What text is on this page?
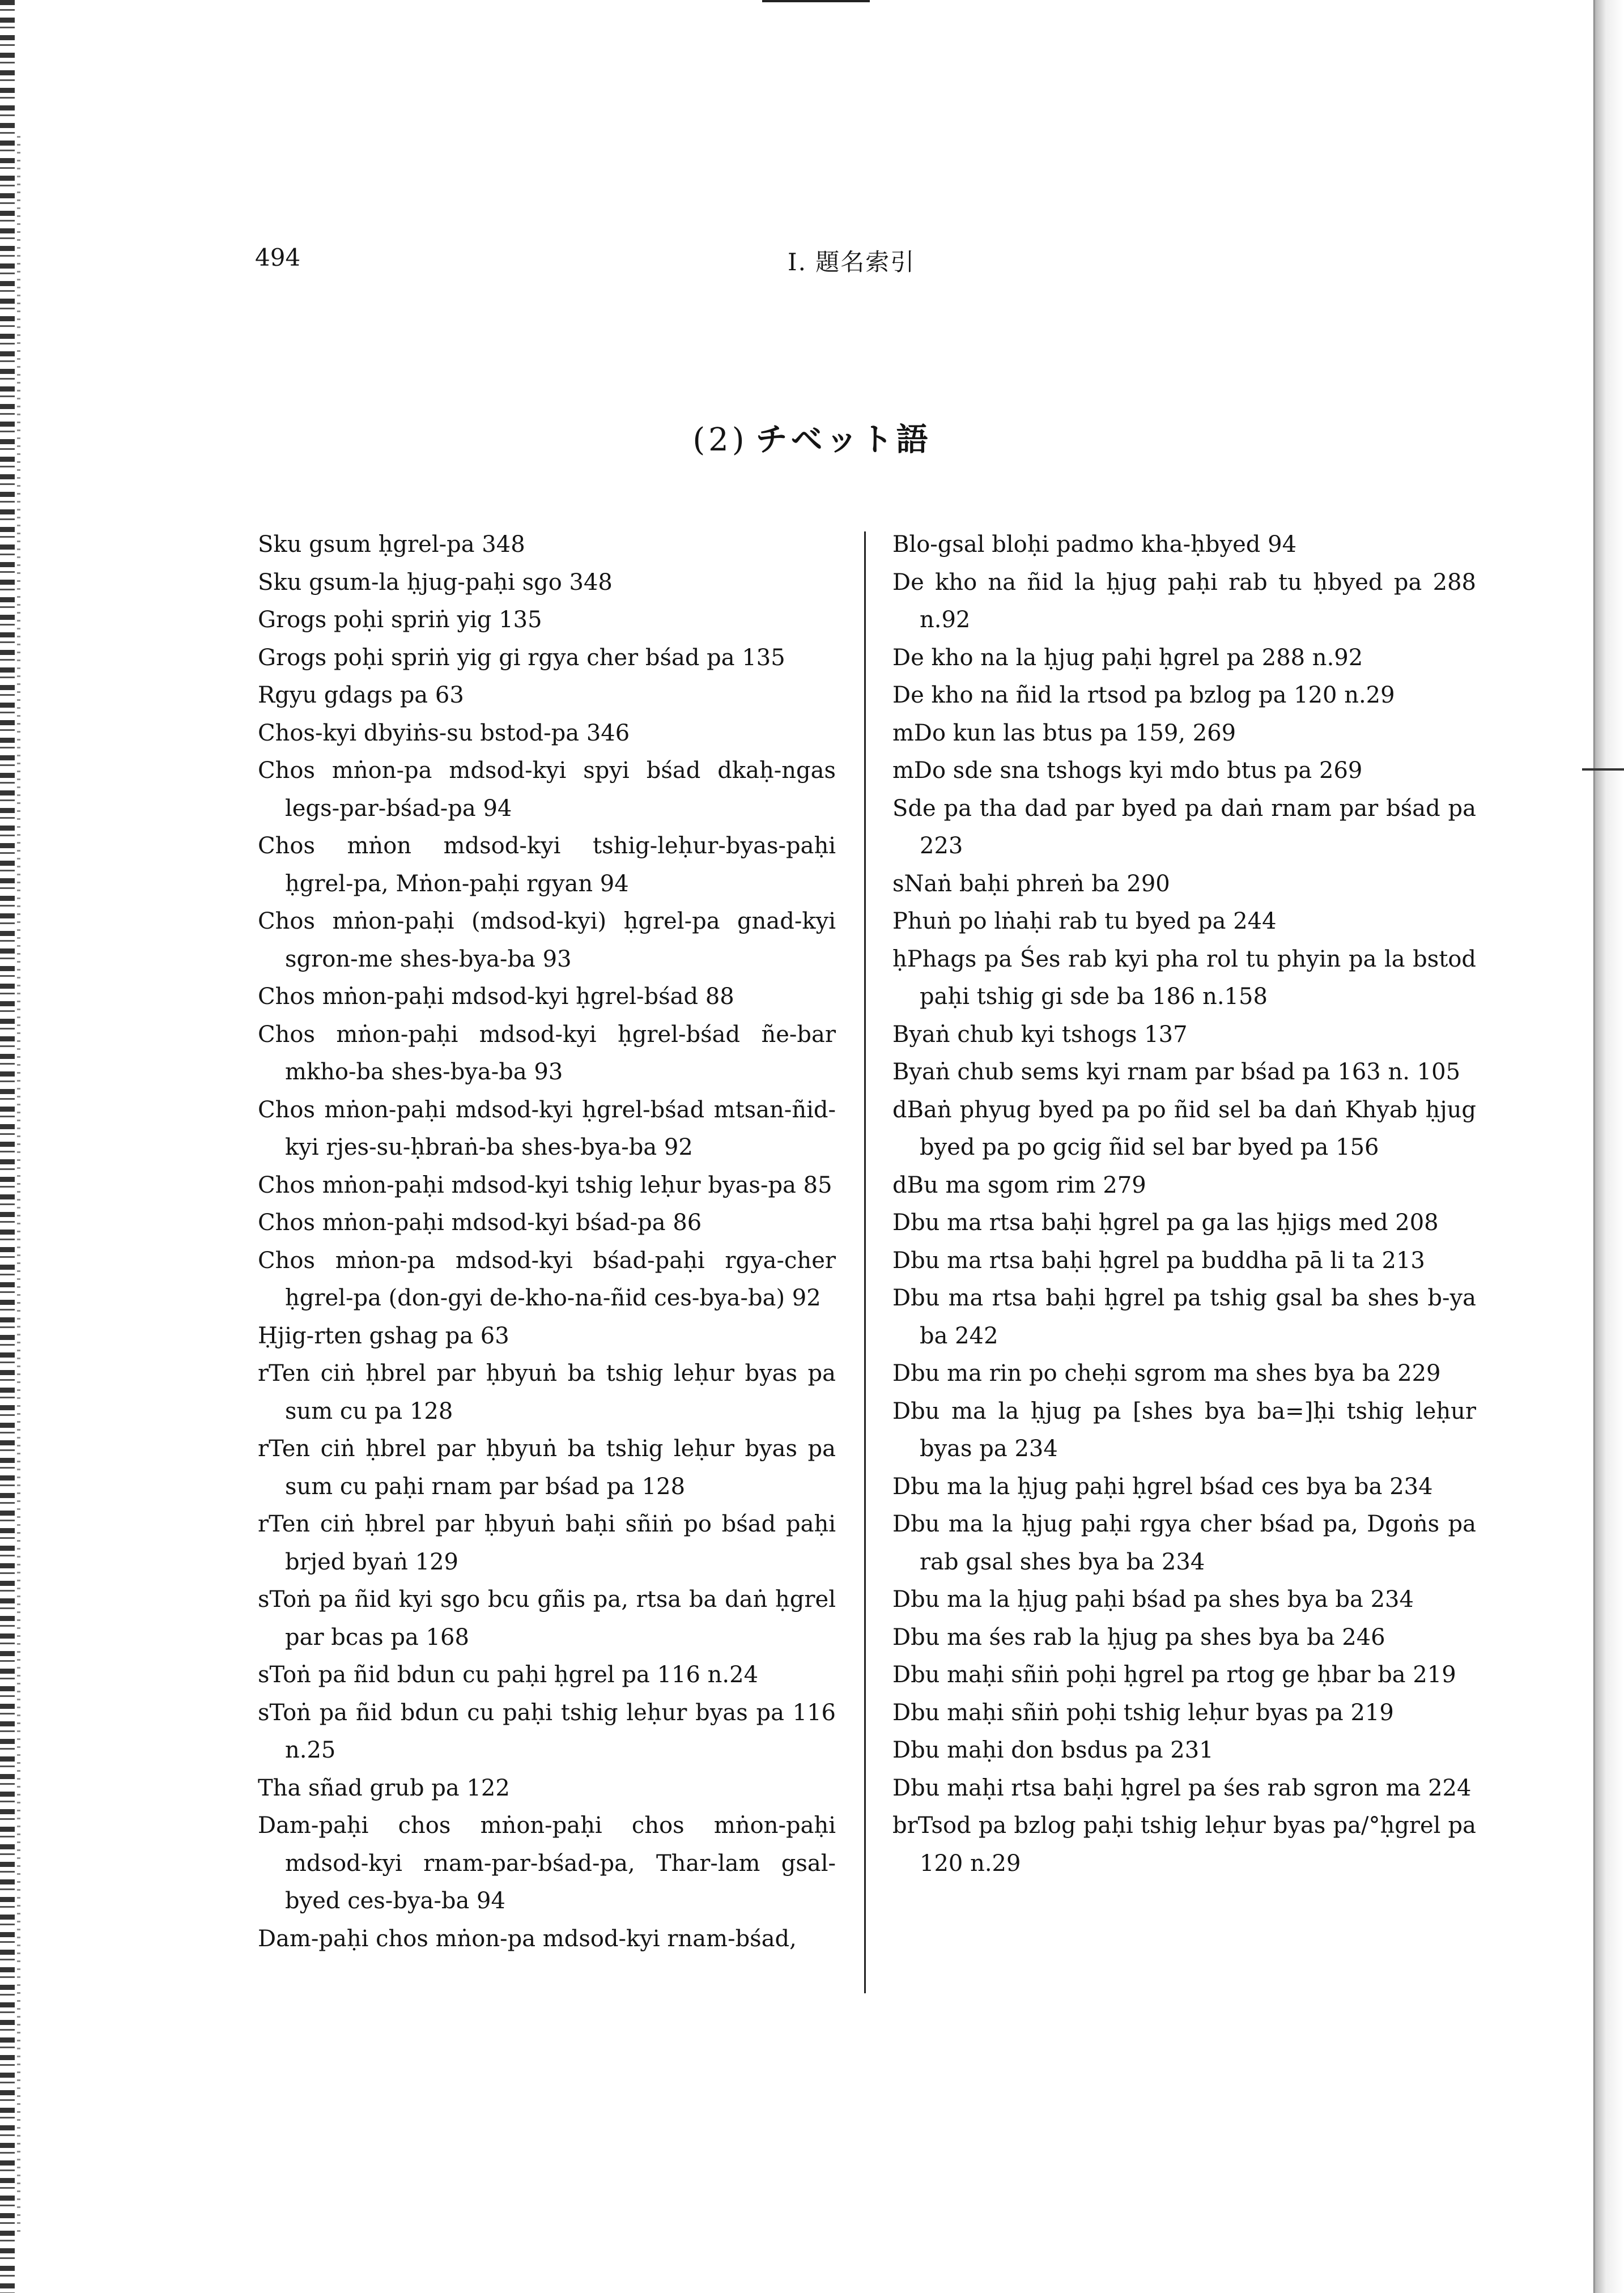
494	I. 題名索引
(2) チベット語

Sku gsum ḥgrel-pa 348

Sku gsum-la ḥjug-paḥi sgo 348

Grogs poḥi spriṅ yig 135

Grogs poḥi spriṅ yig gi rgya cher bśad pa 135

Rgyu gdags pa 63

Chos-kyi dbyiṅs-su bstod-pa 346

Chos mṅon-pa mdsod-kyi spyi bśad dkaḥ-ngas legs-par-bśad-pa 94

Chos mṅon mdsod-kyi tshig-leḥur-byas-paḥi ḥgrel-pa, Mṅon-paḥi rgyan 94

Chos mṅon-paḥi (mdsod-kyi) ḥgrel-pa gnad-kyi sgron-me shes-bya-ba 93

Chos mṅon-paḥi mdsod-kyi ḥgrel-bśad 88

Chos mṅon-paḥi mdsod-kyi ḥgrel-bśad ñe-bar mkho-ba shes-bya-ba 93

Chos mṅon-paḥi mdsod-kyi ḥgrel-bśad mtsan-ñid-kyi rjes-su-ḥbraṅ-ba shes-bya-ba 92

Chos mṅon-paḥi mdsod-kyi tshig leḥur byas-pa 85

Chos mṅon-paḥi mdsod-kyi bśad-pa 86

Chos mṅon-pa mdsod-kyi bśad-paḥi rgya-cher ḥgrel-pa (don-gyi de-kho-na-ñid ces-bya-ba) 92

Ḥjig-rten gshag pa 63

rTen ciṅ ḥbrel par ḥbyuṅ ba tshig leḥur byas pa sum cu pa 128

rTen ciṅ ḥbrel par ḥbyuṅ ba tshig leḥur byas pa sum cu paḥi rnam par bśad pa 128

rTen ciṅ ḥbrel par ḥbyuṅ baḥi sñiṅ po bśad paḥi brjed byaṅ 129

sToṅ pa ñid kyi sgo bcu gñis pa, rtsa ba daṅ ḥgrel par bcas pa 168

sToṅ pa ñid bdun cu paḥi ḥgrel pa 116 n.24

sToṅ pa ñid bdun cu paḥi tshig leḥur byas pa 116 n.25

Tha sñad grub pa 122

Dam-paḥi chos mṅon-paḥi chos mṅon-paḥi mdsod-kyi rnam-par-bśad-pa, Thar-lam gsal-byed ces-bya-ba 94

Dam-paḥi chos mṅon-pa mdsod-kyi rnam-bśad,

Blo-gsal bloḥi padmo kha-ḥbyed 94

De kho na ñid la ḥjug paḥi rab tu ḥbyed pa 288 n.92

De kho na la ḥjug paḥi ḥgrel pa 288 n.92

De kho na ñid la rtsod pa bzlog pa 120 n.29

mDo kun las btus pa 159, 269

mDo sde sna tshogs kyi mdo btus pa 269

Sde pa tha dad par byed pa daṅ rnam par bśad pa 223

sNaṅ baḥi phreṅ ba 290

Phuṅ po lṅaḥi rab tu byed pa 244

ḥPhags pa Śes rab kyi pha rol tu phyin pa la bstod paḥi tshig gi sde ba 186 n.158

Byaṅ chub kyi tshogs 137

Byaṅ chub sems kyi rnam par bśad pa 163 n. 105

dBaṅ phyug byed pa po ñid sel ba daṅ Khyab ḥjug byed pa po gcig ñid sel bar byed pa 156

dBu ma sgom rim 279

Dbu ma rtsa baḥi ḥgrel pa ga las ḥjigs med 208

Dbu ma rtsa baḥi ḥgrel pa buddha pā li ta 213

Dbu ma rtsa baḥi ḥgrel pa tshig gsal ba shes b-ya ba 242

Dbu ma rin po cheḥi sgrom ma shes bya ba 229

Dbu ma la ḥjug pa [shes bya ba=]ḥi tshig leḥur byas pa 234

Dbu ma la ḥjug paḥi ḥgrel bśad ces bya ba 234

Dbu ma la ḥjug paḥi rgya cher bśad pa, Dgoṅs pa rab gsal shes bya ba 234

Dbu ma la ḥjug paḥi bśad pa shes bya ba 234

Dbu ma śes rab la ḥjug pa shes bya ba 246

Dbu maḥi sñiṅ poḥi ḥgrel pa rtog ge ḥbar ba 219

Dbu maḥi sñiṅ poḥi tshig leḥur byas pa 219

Dbu maḥi don bsdus pa 231

Dbu maḥi rtsa baḥi ḥgrel pa śes rab sgron ma 224

brTsod pa bzlog paḥi tshig leḥur byas pa/°ḥgrel pa 120 n.29
